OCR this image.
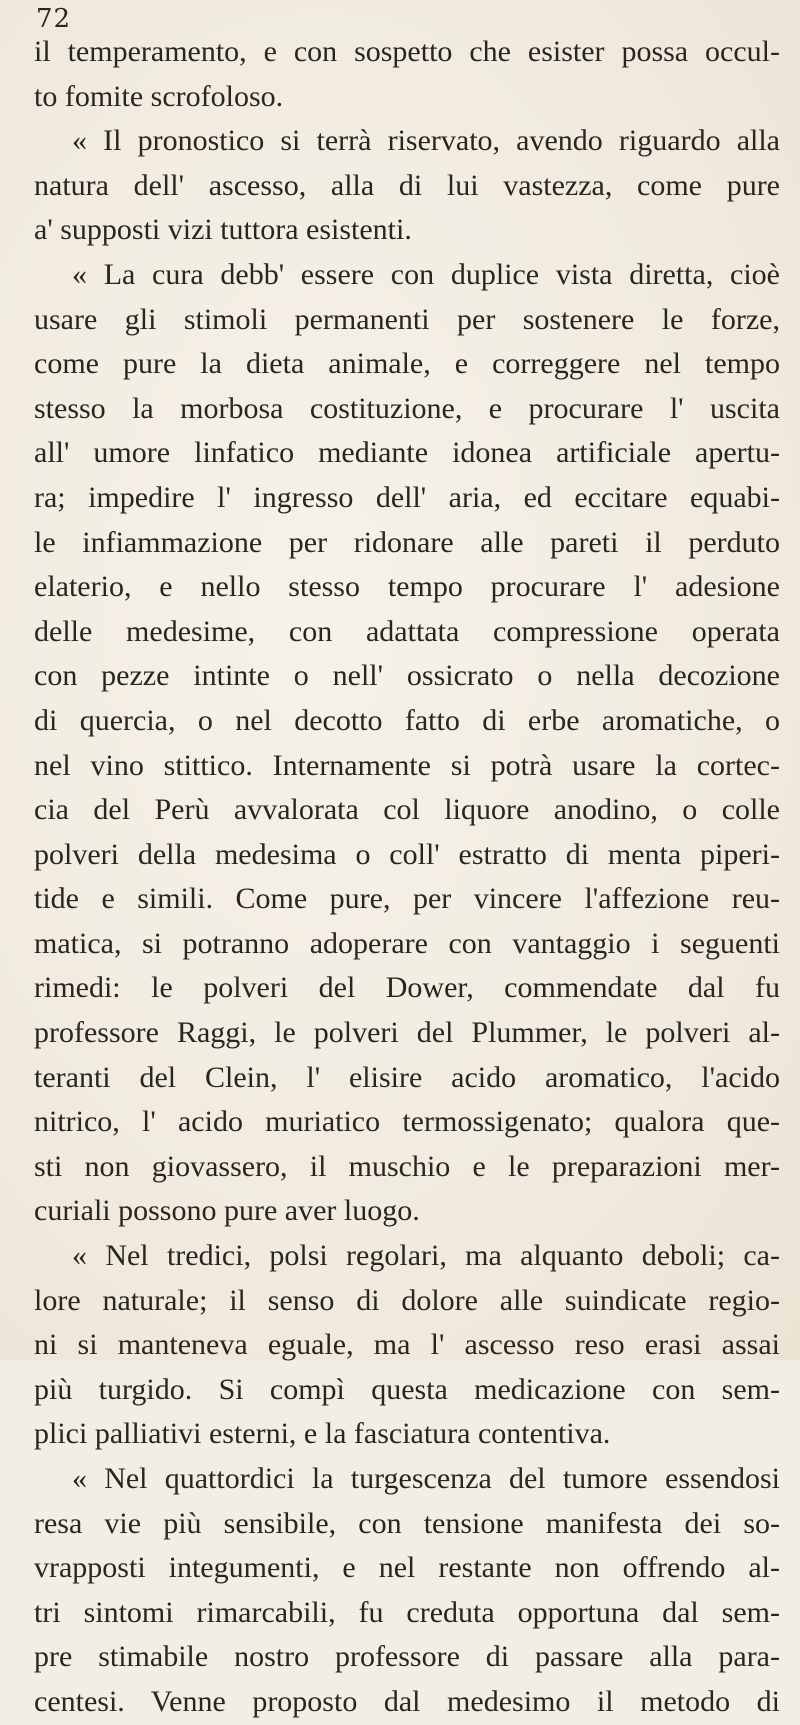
72
il temperamento, e con sospetto che esister possa occul-
to fomite scrofoloso.
« Il pronostico si terrà riservato, avendo riguardo alla
natura dell' ascesso, alla di lui vastezza, come pure
a' supposti vizi tuttora esistenti.
« La cura debb' essere con duplice vista diretta, cioè
usare gli stimoli permanenti per sostenere le forze,
come pure la dieta animale, e correggere nel tempo
stesso la morbosa costituzione, e procurare l' uscita
all' umore linfatico mediante idonea artificiale apertu-
ra; impedire l' ingresso dell' aria, ed eccitare equabi-
le infiammazione per ridonare alle pareti il perduto
elaterio, e nello stesso tempo procurare l' adesione
delle medesime, con adattata compressione operata
con pezze intinte o nell' ossicrato o nella decozione
di quercia, o nel decotto fatto di erbe aromatiche, o
nel vino stittico. Internamente si potrà usare la cortec-
cia del Perù avvalorata col liquore anodino, o colle
polveri della medesima o coll' estratto di menta piperi-
tide e simili. Come pure, per vincere l'affezione reu-
matica, si potranno adoperare con vantaggio i seguenti
rimedi: le polveri del Dower, commendate dal fu
professore Raggi, le polveri del Plummer, le polveri al-
teranti del Clein, l' elisire acido aromatico, l'acido
nitrico, l' acido muriatico termossigenato; qualora que-
sti non giovassero, il muschio e le preparazioni mer-
curiali possono pure aver luogo.
« Nel tredici, polsi regolari, ma alquanto deboli; ca-
lore naturale; il senso di dolore alle suindicate regio-
ni si manteneva eguale, ma l' ascesso reso erasi assai
più turgido. Si compì questa medicazione con sem-
plici palliativi esterni, e la fasciatura contentiva.
« Nel quattordici la turgescenza del tumore essendosi
resa vie più sensibile, con tensione manifesta dei so-
vrapposti integumenti, e nel restante non offrendo al-
tri sintomi rimarcabili, fu creduta opportuna dal sem-
pre stimabile nostro professore di passare alla para-
centesi. Venne proposto dal medesimo il metodo di
